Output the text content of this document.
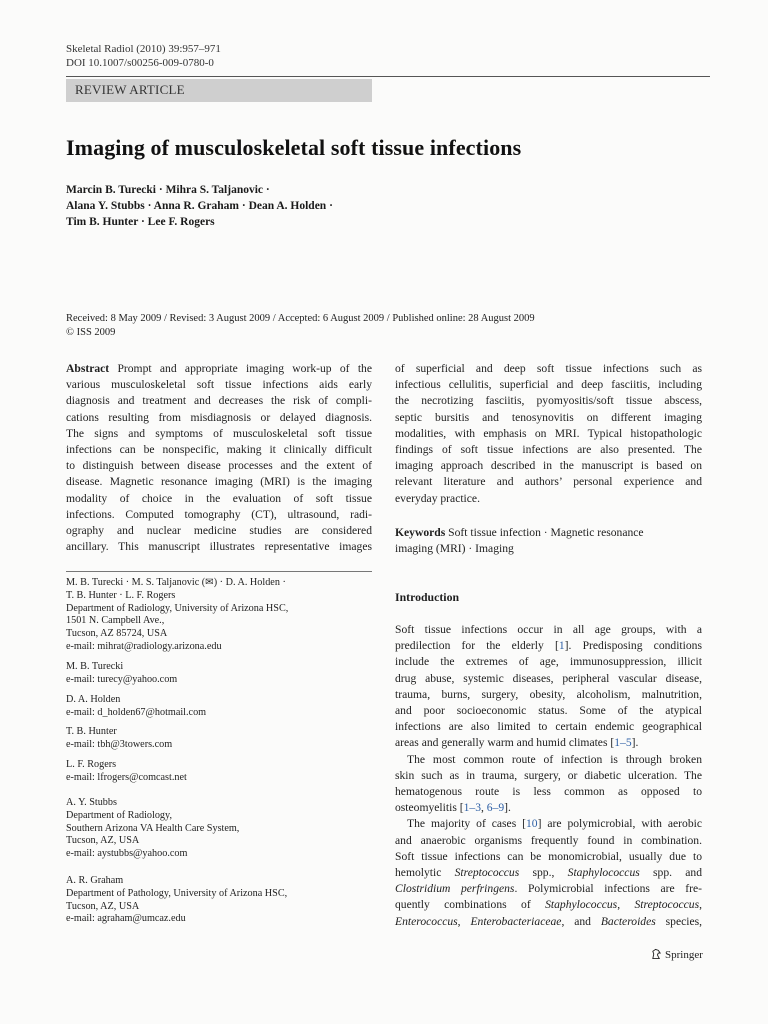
Skeletal Radiol (2010) 39:957–971
DOI 10.1007/s00256-009-0780-0
REVIEW ARTICLE
Imaging of musculoskeletal soft tissue infections
Marcin B. Turecki · Mihra S. Taljanovic ·
Alana Y. Stubbs · Anna R. Graham · Dean A. Holden ·
Tim B. Hunter · Lee F. Rogers
Received: 8 May 2009 / Revised: 3 August 2009 / Accepted: 6 August 2009 / Published online: 28 August 2009
© ISS 2009
Abstract Prompt and appropriate imaging work-up of the
various musculoskeletal soft tissue infections aids early
diagnosis and treatment and decreases the risk of compli-
cations resulting from misdiagnosis or delayed diagnosis.
The signs and symptoms of musculoskeletal soft tissue
infections can be nonspecific, making it clinically difficult
to distinguish between disease processes and the extent of
disease. Magnetic resonance imaging (MRI) is the imaging
modality of choice in the evaluation of soft tissue
infections. Computed tomography (CT), ultrasound, radi-
ography and nuclear medicine studies are considered
ancillary. This manuscript illustrates representative images
of superficial and deep soft tissue infections such as
infectious cellulitis, superficial and deep fasciitis, including
the necrotizing fasciitis, pyomyositis/soft tissue abscess,
septic bursitis and tenosynovitis on different imaging
modalities, with emphasis on MRI. Typical histopathologic
findings of soft tissue infections are also presented. The
imaging approach described in the manuscript is based on
relevant literature and authors’ personal experience and
everyday practice.
Keywords Soft tissue infection · Magnetic resonance
imaging (MRI) · Imaging
M. B. Turecki · M. S. Taljanovic (✉) · D. A. Holden ·
T. B. Hunter · L. F. Rogers
Department of Radiology, University of Arizona HSC,
1501 N. Campbell Ave.,
Tucson, AZ 85724, USA
e-mail: mihrat@radiology.arizona.edu
M. B. Turecki
e-mail: turecy@yahoo.com
D. A. Holden
e-mail: d_holden67@hotmail.com
T. B. Hunter
e-mail: tbh@3towers.com
L. F. Rogers
e-mail: lfrogers@comcast.net
A. Y. Stubbs
Department of Radiology,
Southern Arizona VA Health Care System,
Tucson, AZ, USA
e-mail: aystubbs@yahoo.com
A. R. Graham
Department of Pathology, University of Arizona HSC,
Tucson, AZ, USA
e-mail: agraham@umcaz.edu
Introduction
Soft tissue infections occur in all age groups, with a
predilection for the elderly [1]. Predisposing conditions
include the extremes of age, immunosuppression, illicit
drug abuse, systemic diseases, peripheral vascular disease,
trauma, burns, surgery, obesity, alcoholism, malnutrition,
and poor socioeconomic status. Some of the atypical
infections are also limited to certain endemic geographical
areas and generally warm and humid climates [1–5].
The most common route of infection is through broken
skin such as in trauma, surgery, or diabetic ulceration. The
hematogenous route is less common as opposed to
osteomyelitis [1–3, 6–9].
The majority of cases [10] are polymicrobial, with aerobic
and anaerobic organisms frequently found in combination.
Soft tissue infections can be monomicrobial, usually due to
hemolytic Streptococcus spp., Staphylococcus spp. and
Clostridium perfringens. Polymicrobial infections are fre-
quently combinations of Staphylococcus, Streptococcus,
Enterococcus, Enterobacteriaceae, and Bacteroides species,
Springer
